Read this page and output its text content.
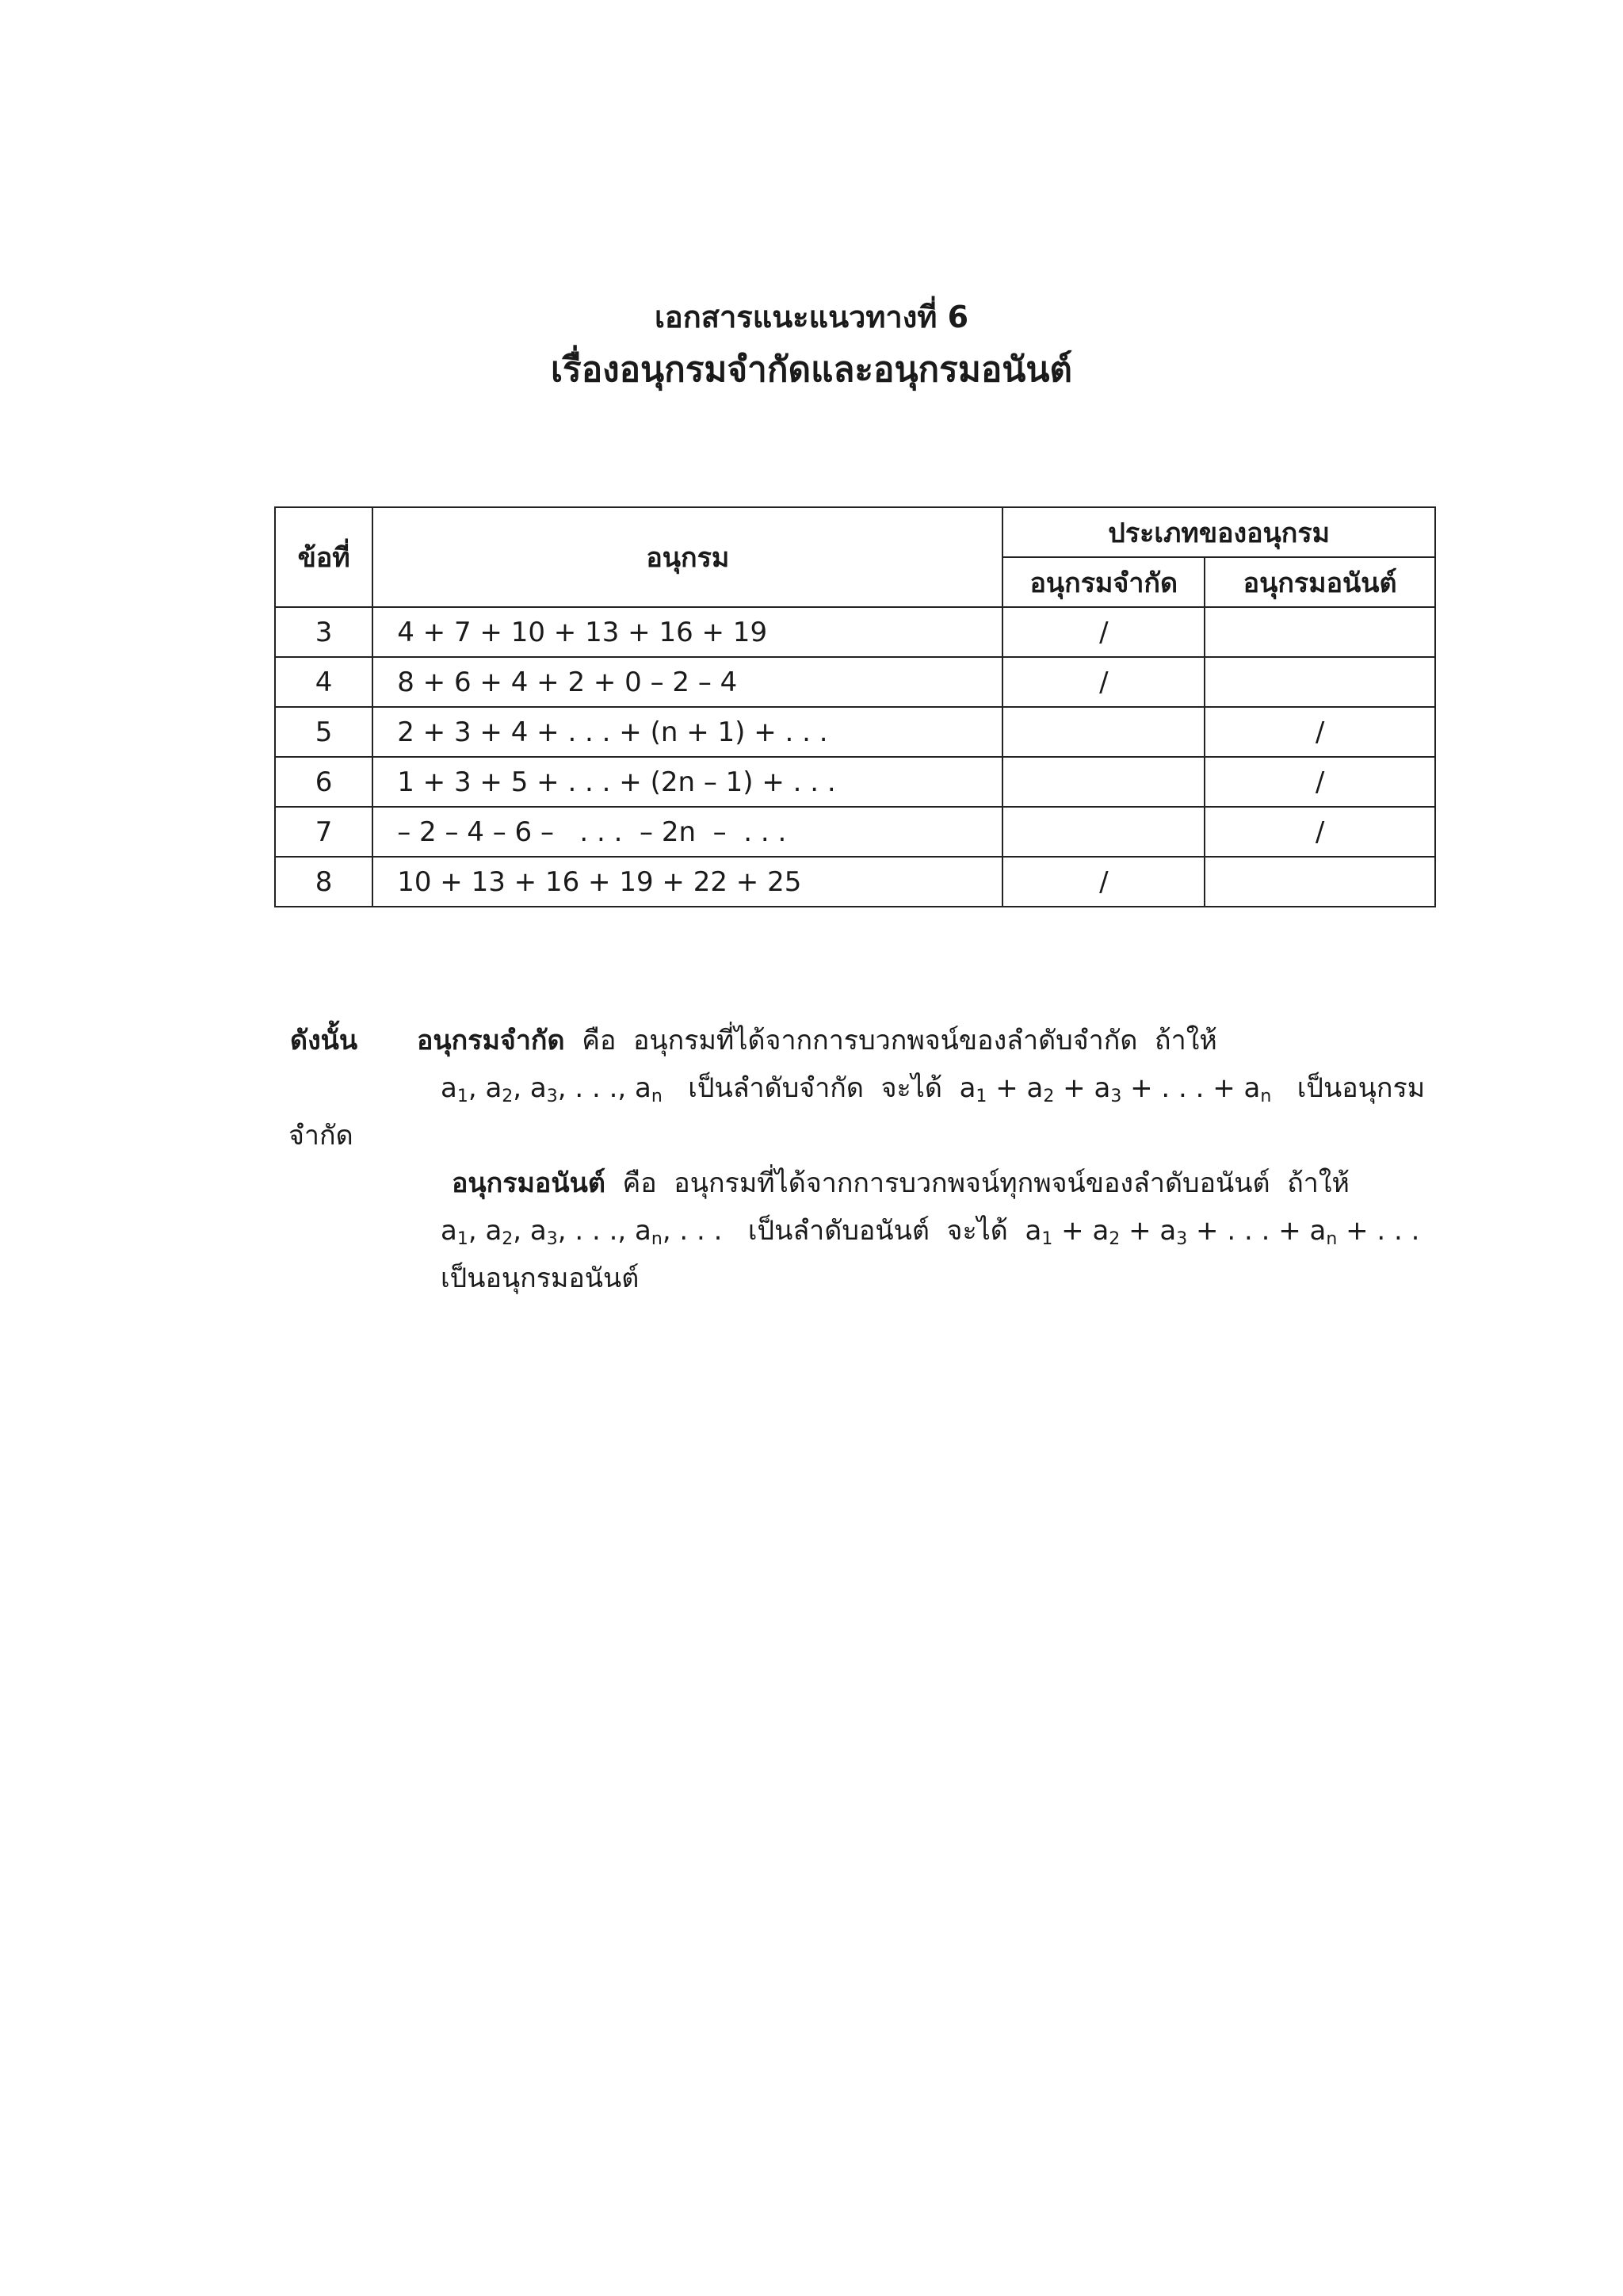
เอกสารแนะแนวทางที่ 6
เรื่องอนุกรมจำกัดและอนุกรมอนันต์
ข้อที่	อนุกรม	ประเภทของอนุกรม	
		อนุกรมจำกัด	อนุกรมอนันต์
3	4 + 7 + 10 + 13 + 16 + 19	/	
4	8 + 6 + 4 + 2 + 0 – 2 – 4	/	
5	2 + 3 + 4 + . . . + (n + 1) + . . .		/
6	1 + 3 + 5 + . . . + (2n – 1) + . . .		/
7	– 2 – 4 – 6 –   . . .  – 2n  –  . . .		/
8	10 + 13 + 16 + 19 + 22 + 25	/	
ดังนั้น อนุกรมจำกัด คือ  อนุกรมที่ได้จากการบวกพจน์ของลำดับจำกัด  ถ้าให้
$a_1$, $a_2$, $a_3$, . . ., $a_n$ เป็นลำดับจำกัด  จะได้  $a_1 + a_2 + a_3$ + . . . + $a_n$ เป็นอนุกรม
จำกัด
อนุกรมอนันต์ คือ  อนุกรมที่ได้จากการบวกพจน์ทุกพจน์ของลำดับอนันต์  ถ้าให้
$a_1$, $a_2$, $a_3$, . . ., $a_n$, . . .   เป็นลำดับอนันต์  จะได้  $a_1 + a_2 + a_3$ + . . . + $a_n$ + . . .
เป็นอนุกรมอนันต์
